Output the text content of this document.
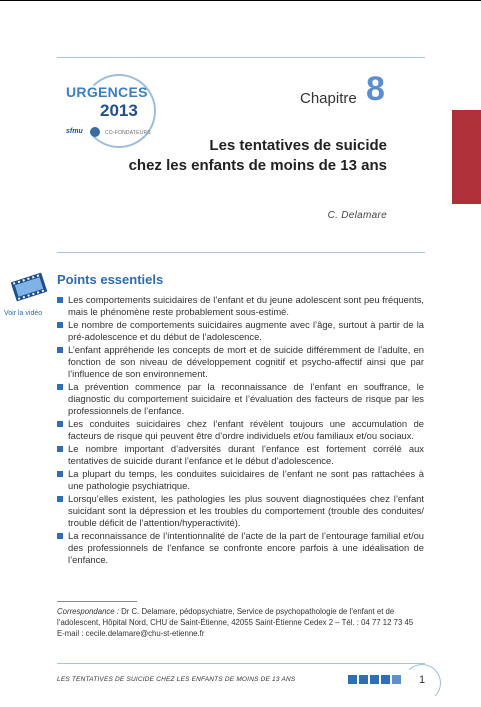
URGENCES
2013
sfmu	CO-FONDATEURS
Chapitre 8
Les tentatives de suicide
chez les enfants de moins de 13 ans
C. Delamare
Voir la vidéo
Points essentiels
Les comportements suicidaires de l’enfant et du jeune adolescent sont peu fréquents, mais le phénomène reste probablement sous-estimé.
Le nombre de comportements suicidaires augmente avec l’âge, surtout à partir de la pré-adolescence et du début de l’adolescence.
L’enfant appréhende les concepts de mort et de suicide différemment de l’adulte, en fonction de son niveau de développement cognitif et psycho-affectif ainsi que par l’influence de son environnement.
La prévention commence par la reconnaissance de l’enfant en souffrance, le diagnostic du comportement suicidaire et l’évaluation des facteurs de risque par les professionnels de l’enfance.
Les conduites suicidaires chez l’enfant révèlent toujours une accumulation de facteurs de risque qui peuvent être d’ordre individuels et/ou familiaux et/ou sociaux.
Le nombre important d’adversités durant l’enfance est fortement corrélé aux tentatives de suicide durant l’enfance et le début d’adolescence.
La plupart du temps, les conduites suicidaires de l’enfant ne sont pas rattachées à une pathologie psychiatrique.
Lorsqu’elles existent, les pathologies les plus souvent diagnostiquées chez l’enfant suicidant sont la dépression et les troubles du comportement (trouble des conduites/ trouble déficit de l’attention/hyperactivité).
La reconnaissance de l’intentionnalité de l’acte de la part de l’entourage familial et/ou des professionnels de l’enfance se confronte encore parfois à une idéalisation de l’enfance.
Correspondance : Dr C. Delamare, pédopsychiatre, Service de psychopathologie de l’enfant et de l’adolescent, Hôpital Nord, CHU de Saint-Étienne, 42055 Saint-Étienne Cedex 2 – Tél. : 04 77 12 73 45
E-mail : cecile.delamare@chu-st-etienne.fr
LES TENTATIVES DE SUICIDE CHEZ LES ENFANTS DE MOINS DE 13 ANS	1
